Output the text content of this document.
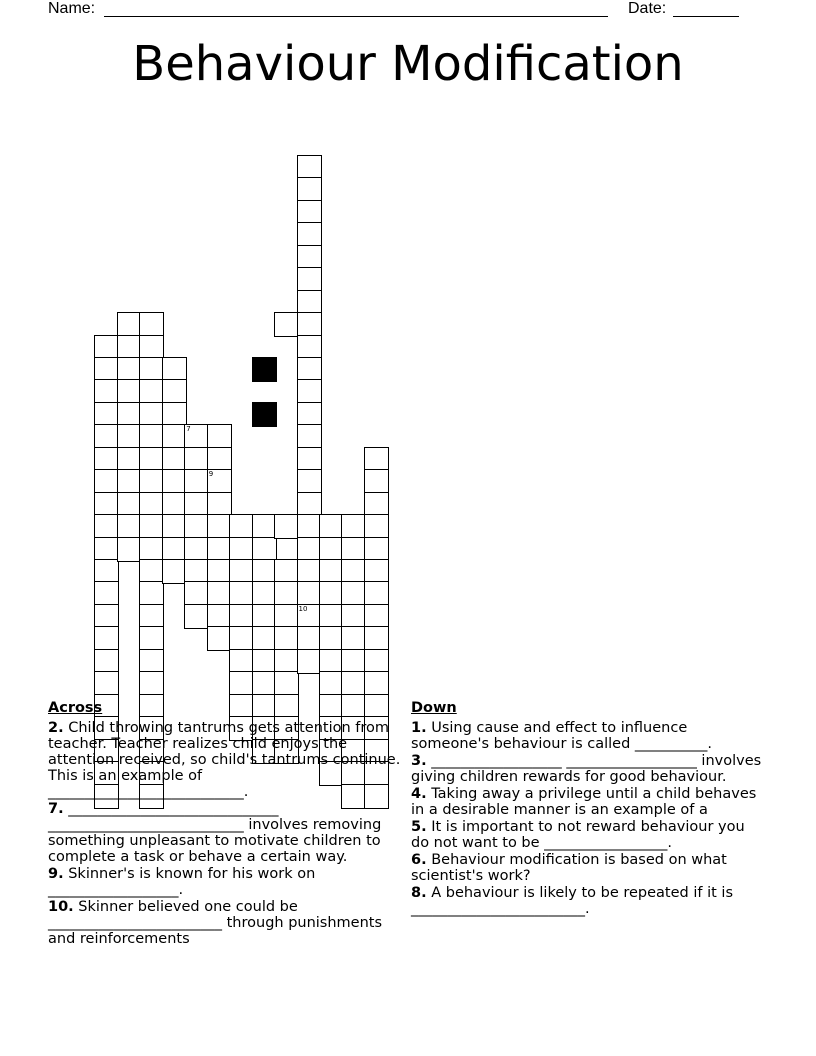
Name:	Date:
Behaviour Modification
7
9
10
Across
2. Child throwing tantrums gets attention from teacher. Teacher realizes child enjoys the attention received, so child's tantrums continue. This is an example of ___________________________.
7. _____________________________ ___________________________ involves removing something unpleasant to motivate children to complete a task or behave a certain way.
9. Skinner's is known for his work on __________________.
10. Skinner believed one could be ________________________ through punishments and reinforcements
Down
1. Using cause and effect to influence someone's behaviour is called __________.
3. __________________ __________________ involves giving children rewards for good behaviour.
4. Taking away a privilege until a child behaves in a desirable manner is an example of a
5. It is important to not reward behaviour you do not want to be _________________.
6. Behaviour modification is based on what scientist's work?
8. A behaviour is likely to be repeated if it is ________________________.
